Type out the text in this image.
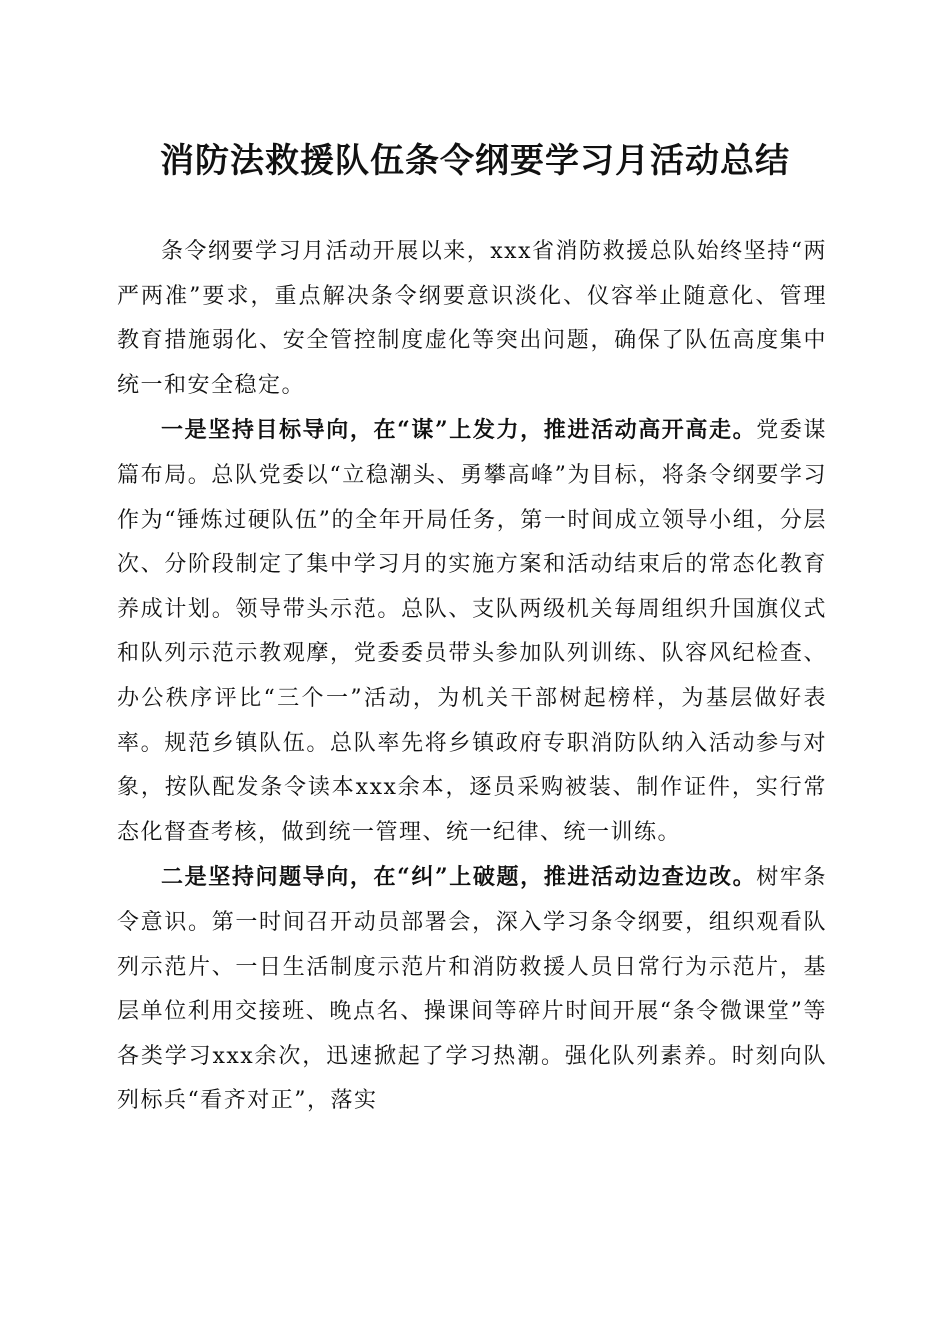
消防法救援队伍条令纲要学习月活动总结

条令纲要学习月活动开展以来，xxx省消防救援总队始终坚持“两严两准”要求，重点解决条令纲要意识淡化、仪容举止随意化、管理教育措施弱化、安全管控制度虚化等突出问题，确保了队伍高度集中统一和安全稳定。

一是坚持目标导向，在“谋”上发力，推进活动高开高走。党委谋篇布局。总队党委以“立稳潮头、勇攀高峰”为目标，将条令纲要学习作为“锤炼过硬队伍”的全年开局任务，第一时间成立领导小组，分层次、分阶段制定了集中学习月的实施方案和活动结束后的常态化教育养成计划。领导带头示范。总队、支队两级机关每周组织升国旗仪式和队列示范示教观摩，党委委员带头参加队列训练、队容风纪检查、办公秩序评比“三个一”活动，为机关干部树起榜样，为基层做好表率。规范乡镇队伍。总队率先将乡镇政府专职消防队纳入活动参与对象，按队配发条令读本xxx余本，逐员采购被装、制作证件，实行常态化督查考核，做到统一管理、统一纪律、统一训练。

二是坚持问题导向，在“纠”上破题，推进活动边查边改。树牢条令意识。第一时间召开动员部署会，深入学习条令纲要，组织观看队列示范片、一日生活制度示范片和消防救援人员日常行为示范片，基层单位利用交接班、晚点名、操课间等碎片时间开展“条令微课堂”等各类学习xxx余次，迅速掀起了学习热潮。强化队列素养。时刻向队列标兵“看齐对正”，落实
